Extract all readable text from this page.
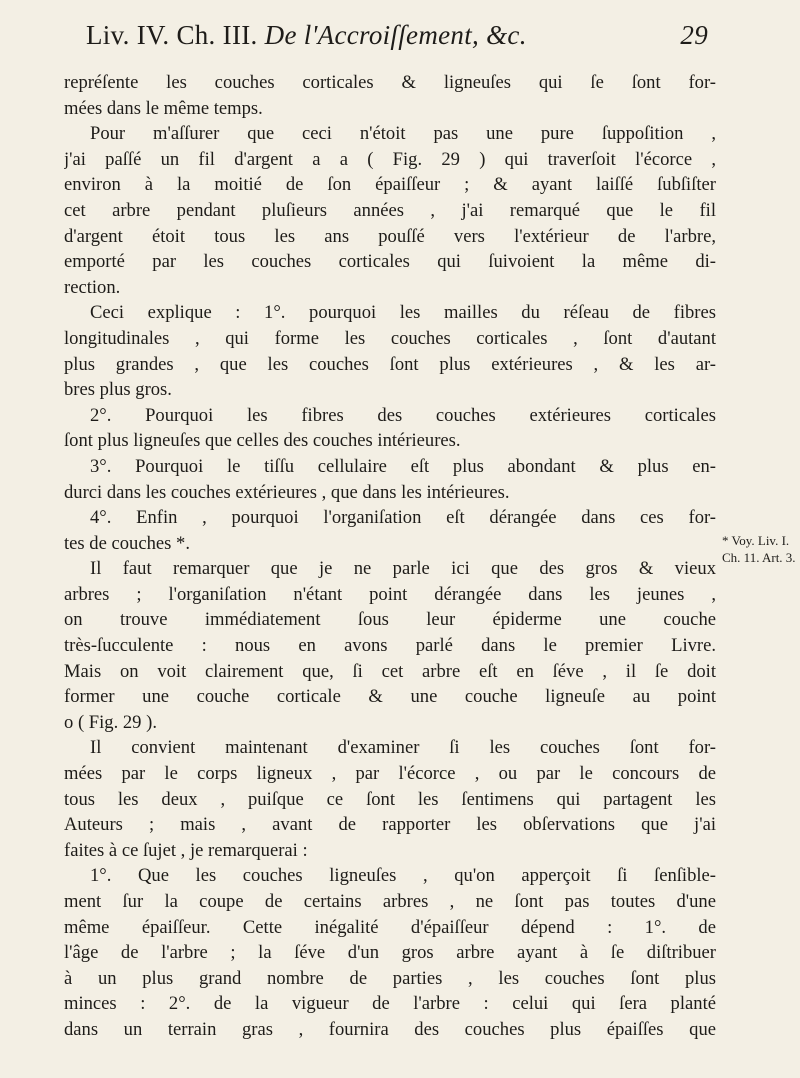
Liv. IV. Ch. III. De l'Accroiſſement, &c.	29
repréſente les couches corticales & ligneuſes qui ſe ſont for-
mées dans le même temps.
Pour m'aſſurer que ceci n'étoit pas une pure ſuppoſition ,
j'ai paſſé un fil d'argent a a ( Fig. 29 ) qui traverſoit l'écorce ,
environ à la moitié de ſon épaiſſeur ; & ayant laiſſé ſubſiſter
cet arbre pendant pluſieurs années , j'ai remarqué que le fil
d'argent étoit tous les ans pouſſé vers l'extérieur de l'arbre,
emporté par les couches corticales qui ſuivoient la même di-
rection.
Ceci explique : 1°. pourquoi les mailles du réſeau de fibres
longitudinales , qui forme les couches corticales , ſont d'autant
plus grandes , que les couches ſont plus extérieures , & les ar-
bres plus gros.
2°. Pourquoi les fibres des couches extérieures corticales
ſont plus ligneuſes que celles des couches intérieures.
3°. Pourquoi le tiſſu cellulaire eſt plus abondant & plus en-
durci dans les couches extérieures , que dans les intérieures.
4°. Enfin , pourquoi l'organiſation eſt dérangée dans ces for-
tes de couches *.
Il faut remarquer que je ne parle ici que des gros & vieux
arbres ; l'organiſation n'étant point dérangée dans les jeunes ,
on trouve immédiatement ſous leur épiderme une couche
très-ſucculente : nous en avons parlé dans le premier Livre.
Mais on voit clairement que, ſi cet arbre eſt en ſéve , il ſe doit
former une couche corticale & une couche ligneuſe au point
o ( Fig. 29 ).
Il convient maintenant d'examiner ſi les couches ſont for-
mées par le corps ligneux , par l'écorce , ou par le concours de
tous les deux , puiſque ce ſont les ſentimens qui partagent les
Auteurs ; mais , avant de rapporter les obſervations que j'ai
faites à ce ſujet , je remarquerai :
1°. Que les couches ligneuſes , qu'on apperçoit ſi ſenſible-
ment ſur la coupe de certains arbres , ne ſont pas toutes d'une
même épaiſſeur. Cette inégalité d'épaiſſeur dépend : 1°. de
l'âge de l'arbre ; la ſéve d'un gros arbre ayant à ſe diſtribuer
à un plus grand nombre de parties , les couches ſont plus
minces : 2°. de la vigueur de l'arbre : celui qui ſera planté
dans un terrain gras , fournira des couches plus épaiſſes que
* Voy. Liv. I.
Ch. 11. Art. 3.
